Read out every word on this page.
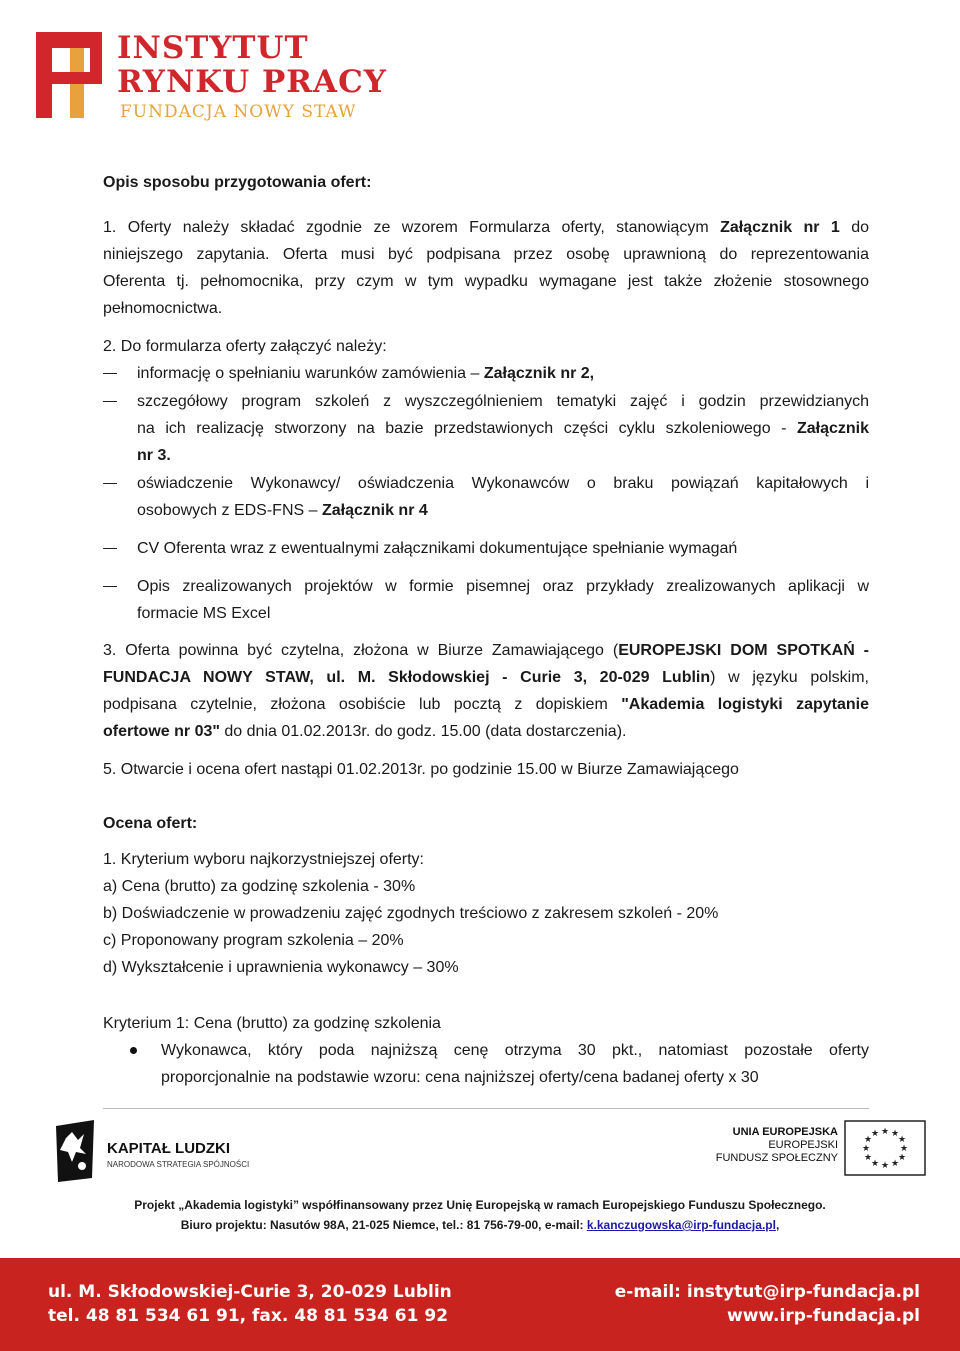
INSTYTUT
RYNKU PRACY
FUNDACJA NOWY STAW
Opis sposobu przygotowania ofert:
1. Oferty należy składać zgodnie ze wzorem Formularza oferty, stanowiącym Załącznik nr 1 do
niniejszego zapytania. Oferta musi być podpisana przez osobę uprawnioną do reprezentowania
Oferenta tj. pełnomocnika, przy czym w tym wypadku wymagane jest także złożenie stosownego
pełnomocnictwa.
2. Do formularza oferty załączyć należy:
informację o spełnianiu warunków zamówienia – Załącznik nr 2,
szczegółowy program szkoleń z wyszczególnieniem tematyki zajęć i godzin przewidzianych
na ich realizację stworzony na bazie przedstawionych części cyklu szkoleniowego - Załącznik
nr 3.
oświadczenie Wykonawcy/ oświadczenia Wykonawców o braku powiązań kapitałowych i
osobowych z EDS-FNS – Załącznik nr 4
CV Oferenta wraz z ewentualnymi załącznikami dokumentujące spełnianie wymagań
Opis zrealizowanych projektów w formie pisemnej oraz przykłady zrealizowanych aplikacji w
formacie MS Excel
3. Oferta powinna być czytelna, złożona w Biurze Zamawiającego (EUROPEJSKI DOM SPOTKAŃ -
FUNDACJA NOWY STAW, ul. M. Skłodowskiej - Curie 3, 20-029 Lublin) w języku polskim,
podpisana czytelnie, złożona osobiście lub pocztą z dopiskiem "Akademia logistyki zapytanie
ofertowe nr 03" do dnia 01.02.2013r. do godz. 15.00 (data dostarczenia).
5. Otwarcie i ocena ofert nastąpi 01.02.2013r. po godzinie 15.00 w Biurze Zamawiającego
Ocena ofert:
1. Kryterium wyboru najkorzystniejszej oferty:
a) Cena (brutto) za godzinę szkolenia - 30%
b) Doświadczenie w prowadzeniu zajęć zgodnych treściowo z zakresem szkoleń - 20%
c) Proponowany program szkolenia – 20%
d) Wykształcenie i uprawnienia wykonawcy – 30%
Kryterium 1: Cena (brutto) za godzinę szkolenia
Wykonawca, który poda najniższą cenę otrzyma 30 pkt., natomiast pozostałe oferty
proporcjonalnie na podstawie wzoru: cena najniższej oferty/cena badanej oferty x 30
KAPITAŁ LUDZKI
NARODOWA STRATEGIA SPÓJNOŚCI
UNIA EUROPEJSKA
EUROPEJSKI
FUNDUSZ SPOŁECZNY
★ ★
★
★
★
★
★
★
★
★
★
★
Projekt „Akademia logistyki” współfinansowany przez Unię Europejską w ramach Europejskiego Funduszu Społecznego.
Biuro projektu: Nasutów 98A, 21-025 Niemce, tel.: 81 756-79-00, e-mail: k.kanczugowska@irp-fundacja.pl,
ul. M. Skłodowskiej-Curie 3, 20-029 Lublin
tel. 48 81 534 61 91, fax. 48 81 534 61 92
e-mail: instytut@irp-fundacja.pl
www.irp-fundacja.pl
